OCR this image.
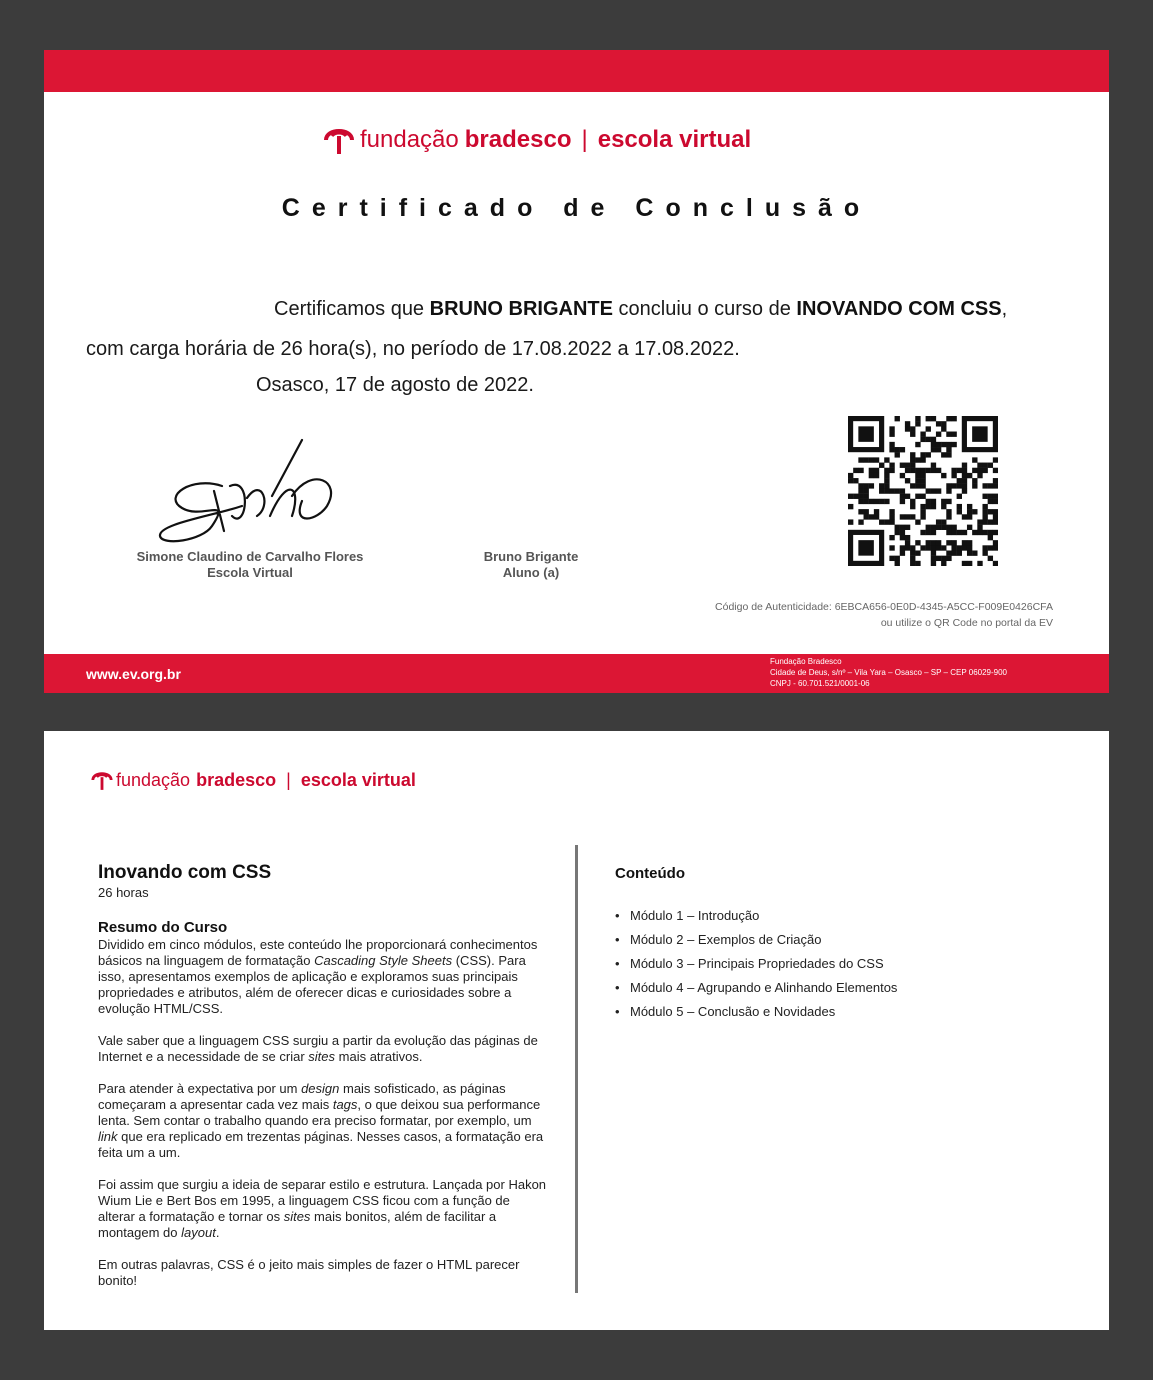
fundação bradesco | escola virtual
Certificado de Conclusão
Certificamos que BRUNO BRIGANTE concluiu o curso de INOVANDO COM CSS,
com carga horária de 26 hora(s), no período de 17.08.2022 a 17.08.2022.
Osasco, 17 de agosto de 2022.
Simone Claudino de Carvalho Flores
Escola Virtual
Bruno Brigante
Aluno (a)
Código de Autenticidade: 6EBCA656-0E0D-4345-A5CC-F009E0426CFA
ou utilize o QR Code no portal da EV
www.ev.org.br
Fundação Bradesco
Cidade de Deus, s/nº – Vila Yara – Osasco – SP – CEP 06029-900
CNPJ - 60.701.521/0001-06
fundação bradesco | escola virtual
Inovando com CSS
26 horas
Resumo do Curso

Dividido em cinco módulos, este conteúdo lhe proporcionará conhecimentos básicos na linguagem de formatação Cascading Style Sheets (CSS). Para isso, apresentamos exemplos de aplicação e exploramos suas principais propriedades e atributos, além de oferecer dicas e curiosidades sobre a evolução HTML/CSS.

Vale saber que a linguagem CSS surgiu a partir da evolução das páginas de Internet e a necessidade de se criar sites mais atrativos.

Para atender à expectativa por um design mais sofisticado, as páginas começaram a apresentar cada vez mais tags, o que deixou sua performance lenta. Sem contar o trabalho quando era preciso formatar, por exemplo, um link que era replicado em trezentas páginas. Nesses casos, a formatação era feita um a um.

Foi assim que surgiu a ideia de separar estilo e estrutura. Lançada por Hakon Wium Lie e Bert Bos em 1995, a linguagem CSS ficou com a função de alterar a formatação e tornar os sites mais bonitos, além de facilitar a montagem do layout.

Em outras palavras, CSS é o jeito mais simples de fazer o HTML parecer bonito!

Conteúdo
• Módulo 1 – Introdução
• Módulo 2 – Exemplos de Criação
• Módulo 3 – Principais Propriedades do CSS
• Módulo 4 – Agrupando e Alinhando Elementos
• Módulo 5 – Conclusão e Novidades
